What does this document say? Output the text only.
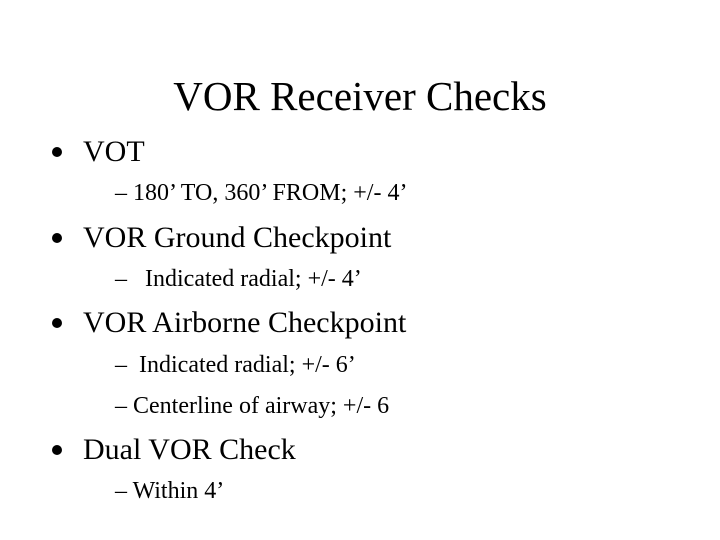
VOR Receiver Checks
VOT
– 180’ TO, 360’ FROM; +/- 4’
VOR Ground Checkpoint
–   Indicated radial; +/- 4’
VOR Airborne Checkpoint
–  Indicated radial; +/- 6’
– Centerline of airway; +/- 6
Dual VOR Check
– Within 4’
